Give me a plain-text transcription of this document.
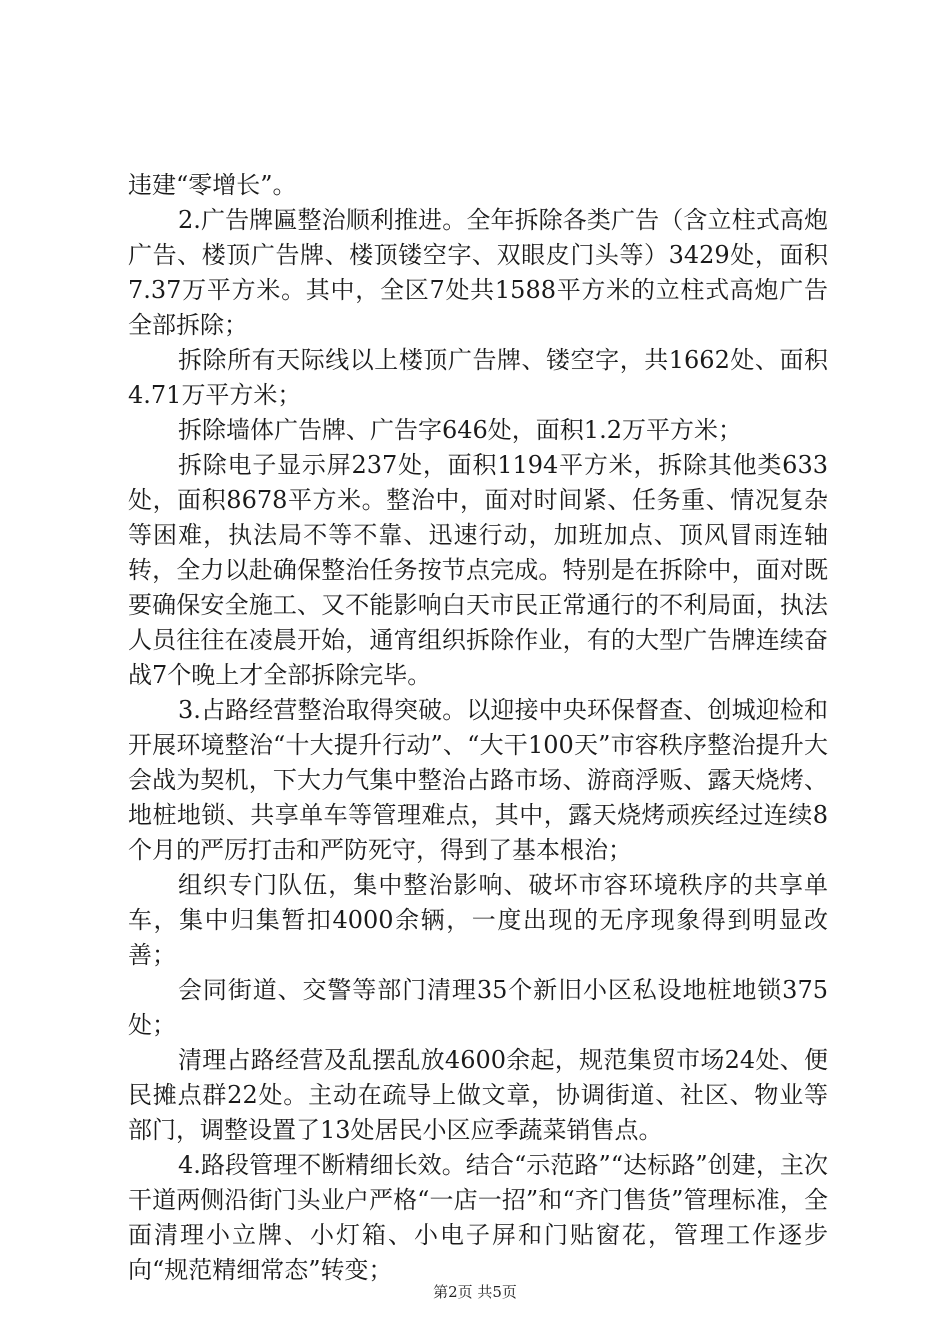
违建“零增长”。

2.广告牌匾整治顺利推进。全年拆除各类广告（含立柱式高炮广告、楼顶广告牌、楼顶镂空字、双眼皮门头等）3429处，面积7.37万平方米。其中，全区7处共1588平方米的立柱式高炮广告全部拆除；

拆除所有天际线以上楼顶广告牌、镂空字，共1662处、面积4.71万平方米；

拆除墙体广告牌、广告字646处，面积1.2万平方米；

拆除电子显示屏237处，面积1194平方米，拆除其他类633处，面积8678平方米。整治中，面对时间紧、任务重、情况复杂等困难，执法局不等不靠、迅速行动，加班加点、顶风冒雨连轴转，全力以赴确保整治任务按节点完成。特别是在拆除中，面对既要确保安全施工、又不能影响白天市民正常通行的不利局面，执法人员往往在凌晨开始，通宵组织拆除作业，有的大型广告牌连续奋战7个晚上才全部拆除完毕。

3.占路经营整治取得突破。以迎接中央环保督查、创城迎检和开展环境整治“十大提升行动”、“大干100天”市容秩序整治提升大会战为契机，下大力气集中整治占路市场、游商浮贩、露天烧烤、地桩地锁、共享单车等管理难点，其中，露天烧烤顽疾经过连续8个月的严厉打击和严防死守，得到了基本根治；

组织专门队伍，集中整治影响、破坏市容环境秩序的共享单车，集中归集暂扣4000余辆，一度出现的无序现象得到明显改善；

会同街道、交警等部门清理35个新旧小区私设地桩地锁375处；

清理占路经营及乱摆乱放4600余起，规范集贸市场24处、便民摊点群22处。主动在疏导上做文章，协调街道、社区、物业等部门，调整设置了13处居民小区应季蔬菜销售点。

4.路段管理不断精细长效。结合“示范路”“达标路”创建，主次干道两侧沿街门头业户严格“一店一招”和“齐门售货”管理标准，全面清理小立牌、小灯箱、小电子屏和门贴窗花，管理工作逐步向“规范精细常态”转变；

第2页 共5页
